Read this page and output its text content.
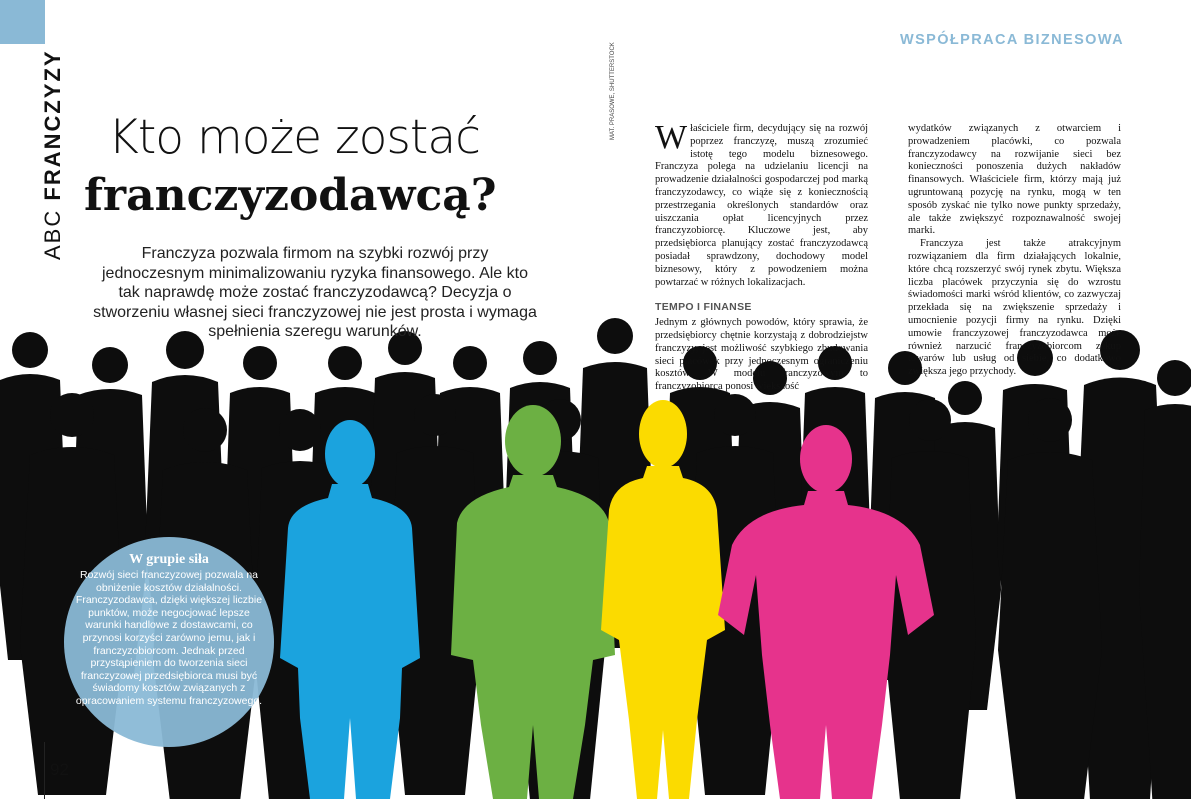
ABC FRANCZYZY
WSPÓŁPRACA BIZNESOWA
Kto może zostać
franczyzodawcą?
Franczyza pozwala firmom na szybki rozwój przy jednoczesnym minimalizowaniu ryzyka finansowego. Ale kto tak naprawdę może zostać franczyzodawcą? Decyzja o stworzeniu własnej sieci franczyzowej nie jest prosta i wymaga spełnienia szeregu warunków.
MAT. PRASOWE, SHUTTERSTOCK Właściciele firm, decydujący się na rozwój poprzez franczyzę, muszą zrozumieć istotę tego modelu biznesowego. Franczyza polega na udzielaniu licencji na prowadzenie działalności gospodarczej pod marką franczyzodawcy, co wiąże się z koniecznością przestrzegania określonych standardów oraz uiszczania opłat licencyjnych przez franczyzobiorcę. Kluczowe jest, aby przedsiębiorca planujący zostać franczyzodawcą posiadał sprawdzony, dochodowy model biznesowy, który z powodzeniem można powtarzać w różnych lokalizacjach.

TEMPO I FINANSE

Jednym z głównych powodów, który sprawia, że przedsiębiorcy chętnie korzystają z dobrodziejstw franczyzy, jest możliwość szybkiego zbudowania sieci placówek przy jednoczesnym ograniczeniu kosztów. W modelu franczyzowym to franczyzobiorca ponosi większość

wydatków związanych z otwarciem i prowadzeniem placówki, co pozwala franczyzodawcy na rozwijanie sieci bez konieczności ponoszenia dużych nakładów finansowych. Właściciele firm, którzy mają już ugruntowaną pozycję na rynku, mogą w ten sposób zyskać nie tylko nowe punkty sprzedaży, ale także zwiększyć rozpoznawalność swojej marki.

Franczyza jest także atrakcyjnym rozwiązaniem dla firm działających lokalnie, które chcą rozszerzyć swój rynek zbytu. Większa liczba placówek przyczynia się do wzrostu świadomości marki wśród klientów, co zazwyczaj przekłada się na zwiększenie sprzedaży i umocnienie pozycji firmy na rynku. Dzięki umowie franczyzowej franczyzodawca może również narzucić franczyzobiorcom zakup towarów lub usług od siebie, co dodatkowo zwiększa jego przychody.

W grupie siła
Rozwój sieci franczyzowej pozwala na obniżenie kosztów działalności. Franczyzodawca, dzięki większej liczbie punktów, może negocjować lepsze warunki handlowe z dostawcami, co przynosi korzyści zarówno jemu, jak i franczyzobiorcom. Jednak przed przystąpieniem do tworzenia sieci franczyzowej przedsiębiorca musi być świadomy kosztów związanych z opracowaniem systemu franczyzowego.
92
